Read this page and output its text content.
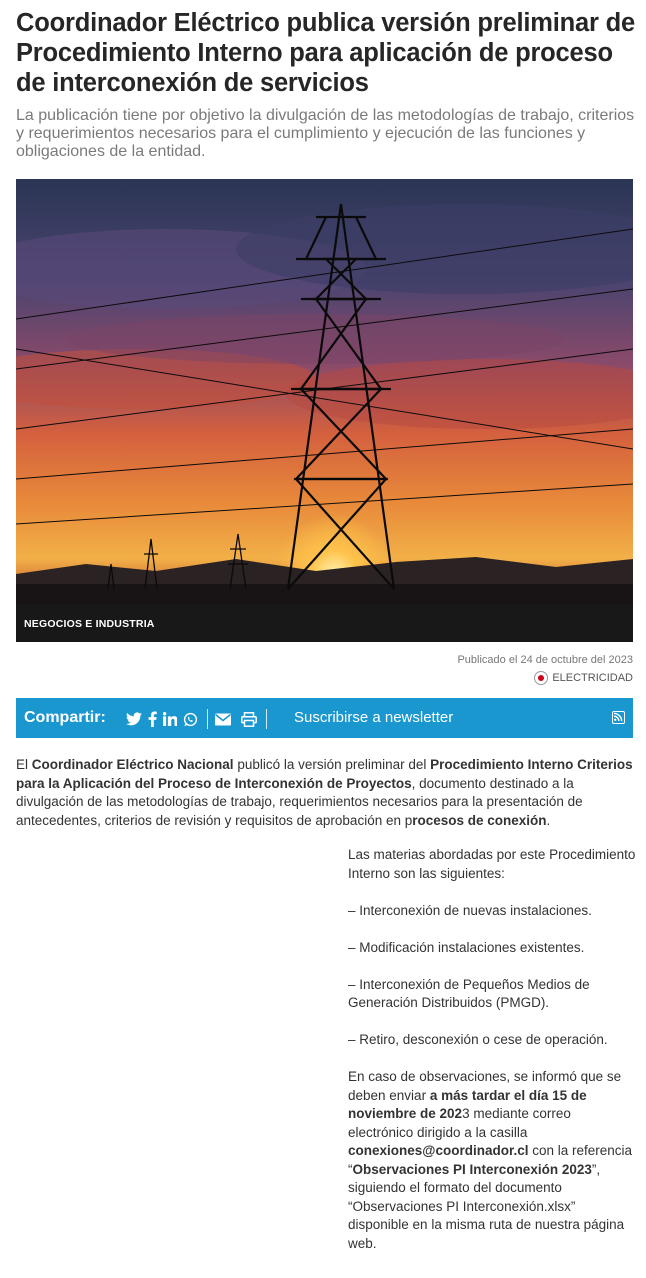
Coordinador Eléctrico publica versión preliminar de Procedimiento Interno para aplicación de proceso de interconexión de servicios

La publicación tiene por objetivo la divulgación de las metodologías de trabajo, criterios y requerimientos necesarios para el cumplimiento y ejecución de las funciones y obligaciones de la entidad.

NEGOCIOS E INDUSTRIA
Publicado el 24 de octubre del 2023
ELECTRICIDAD
Compartir:	Suscribirse a newsletter

El Coordinador Eléctrico Nacional publicó la versión preliminar del Procedimiento Interno Criterios para la Aplicación del Proceso de Interconexión de Proyectos, documento destinado a la divulgación de las metodologías de trabajo, requerimientos necesarios para la presentación de antecedentes, criterios de revisión y requisitos de aprobación en procesos de conexión.

Las materias abordadas por este Procedimiento Interno son las siguientes:

– Interconexión de nuevas instalaciones.

– Modificación instalaciones existentes.

– Interconexión de Pequeños Medios de Generación Distribuidos (PMGD).

– Retiro, desconexión o cese de operación.

En caso de observaciones, se informó que se deben enviar a más tardar el día 15 de noviembre de 2023 mediante correo electrónico dirigido a la casilla conexiones@coordinador.cl con la referencia “Observaciones PI Interconexión 2023”, siguiendo el formato del documento “Observaciones PI Interconexión.xlsx” disponible en la misma ruta de nuestra página web.
